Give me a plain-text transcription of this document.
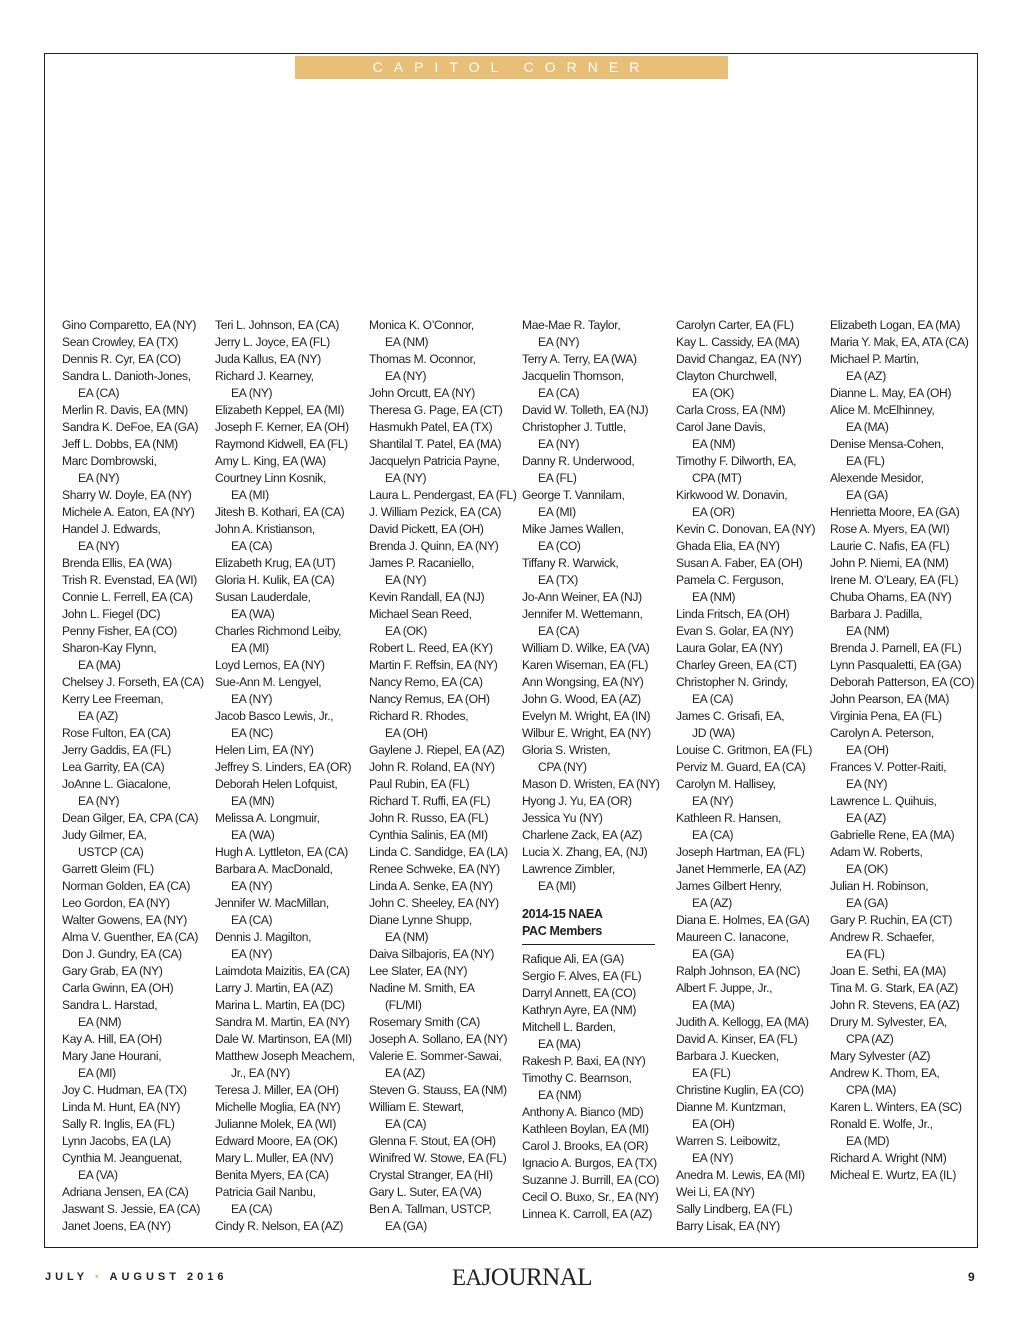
CAPITOL CORNER
Gino Comparetto, EA (NY)
Sean Crowley, EA (TX)
Dennis R. Cyr, EA (CO)
Sandra L. Danioth-Jones,
EA (CA)
Merlin R. Davis, EA (MN)
Sandra K. DeFoe, EA (GA)
Jeff L. Dobbs, EA (NM)
Marc Dombrowski,
EA (NY)
Sharry W. Doyle, EA (NY)
Michele A. Eaton, EA (NY)
Handel J. Edwards,
EA (NY)
Brenda Ellis, EA (WA)
Trish R. Evenstad, EA (WI)
Connie L. Ferrell, EA (CA)
John L. Fiegel (DC)
Penny Fisher, EA (CO)
Sharon-Kay Flynn,
EA (MA)
Chelsey J. Forseth, EA (CA)
Kerry Lee Freeman,
EA (AZ)
Rose Fulton, EA (CA)
Jerry Gaddis, EA (FL)
Lea Garrity, EA (CA)
JoAnne L. Giacalone,
EA (NY)
Dean Gilger, EA, CPA (CA)
Judy Gilmer, EA,
USTCP (CA)
Garrett Gleim (FL)
Norman Golden, EA (CA)
Leo Gordon, EA (NY)
Walter Gowens, EA (NY)
Alma V. Guenther, EA (CA)
Don J. Gundry, EA (CA)
Gary Grab, EA (NY)
Carla Gwinn, EA (OH)
Sandra L. Harstad,
EA (NM)
Kay A. Hill, EA (OH)
Mary Jane Hourani,
EA (MI)
Joy C. Hudman, EA (TX)
Linda M. Hunt, EA (NY)
Sally R. Inglis, EA (FL)
Lynn Jacobs, EA (LA)
Cynthia M. Jeanguenat,
EA (VA)
Adriana Jensen, EA (CA)
Jaswant S. Jessie, EA (CA)
Janet Joens, EA (NY)
Teri L. Johnson, EA (CA)
Jerry L. Joyce, EA (FL)
Juda Kallus, EA (NY)
Richard J. Kearney,
EA (NY)
Elizabeth Keppel, EA (MI)
Joseph F. Kerner, EA (OH)
Raymond Kidwell, EA (FL)
Amy L. King, EA (WA)
Courtney Linn Kosnik,
EA (MI)
Jitesh B. Kothari, EA (CA)
John A. Kristianson,
EA (CA)
Elizabeth Krug, EA (UT)
Gloria H. Kulik, EA (CA)
Susan Lauderdale,
EA (WA)
Charles Richmond Leiby,
EA (MI)
Loyd Lemos, EA (NY)
Sue-Ann M. Lengyel,
EA (NY)
Jacob Basco Lewis, Jr.,
EA (NC)
Helen Lim, EA (NY)
Jeffrey S. Linders, EA (OR)
Deborah Helen Lofquist,
EA (MN)
Melissa A. Longmuir,
EA (WA)
Hugh A. Lyttleton, EA (CA)
Barbara A. MacDonald,
EA (NY)
Jennifer W. MacMillan,
EA (CA)
Dennis J. Magilton,
EA (NY)
Laimdota Maizitis, EA (CA)
Larry J. Martin, EA (AZ)
Marina L. Martin, EA (DC)
Sandra M. Martin, EA (NY)
Dale W. Martinson, EA (MI)
Matthew Joseph Meachem,
Jr., EA (NY)
Teresa J. Miller, EA (OH)
Michelle Moglia, EA (NY)
Julianne Molek, EA (WI)
Edward Moore, EA (OK)
Mary L. Muller, EA (NV)
Benita Myers, EA (CA)
Patricia Gail Nanbu,
EA (CA)
Cindy R. Nelson, EA (AZ)
Monica K. O’Connor,
EA (NM)
Thomas M. Oconnor,
EA (NY)
John Orcutt, EA (NY)
Theresa G. Page, EA (CT)
Hasmukh Patel, EA (TX)
Shantilal T. Patel, EA (MA)
Jacquelyn Patricia Payne,
EA (NY)
Laura L. Pendergast, EA (FL)
J. William Pezick, EA (CA)
David Pickett, EA (OH)
Brenda J. Quinn, EA (NY)
James P. Racaniello,
EA (NY)
Kevin Randall, EA (NJ)
Michael Sean Reed,
EA (OK)
Robert L. Reed, EA (KY)
Martin F. Reffsin, EA (NY)
Nancy Remo, EA (CA)
Nancy Remus, EA (OH)
Richard R. Rhodes,
EA (OH)
Gaylene J. Riepel, EA (AZ)
John R. Roland, EA (NY)
Paul Rubin, EA (FL)
Richard T. Ruffi, EA (FL)
John R. Russo, EA (FL)
Cynthia Salinis, EA (MI)
Linda C. Sandidge, EA (LA)
Renee Schweke, EA (NY)
Linda A. Senke, EA (NY)
John C. Sheeley, EA (NY)
Diane Lynne Shupp,
EA (NM)
Daiva Silbajoris, EA (NY)
Lee Slater, EA (NY)
Nadine M. Smith, EA
(FL/MI)
Rosemary Smith (CA)
Joseph A. Sollano, EA (NY)
Valerie E. Sommer-Sawai,
EA (AZ)
Steven G. Stauss, EA (NM)
William E. Stewart,
EA (CA)
Glenna F. Stout, EA (OH)
Winifred W. Stowe, EA (FL)
Crystal Stranger, EA (HI)
Gary L. Suter, EA (VA)
Ben A. Tallman, USTCP,
EA (GA)
Mae-Mae R. Taylor,
EA (NY)
Terry A. Terry, EA (WA)
Jacquelin Thomson,
EA (CA)
David W. Tolleth, EA (NJ)
Christopher J. Tuttle,
EA (NY)
Danny R. Underwood,
EA (FL)
George T. Vannilam,
EA (MI)
Mike James Wallen,
EA (CO)
Tiffany R. Warwick,
EA (TX)
Jo-Ann Weiner, EA (NJ)
Jennifer M. Wettemann,
EA (CA)
William D. Wilke, EA (VA)
Karen Wiseman, EA (FL)
Ann Wongsing, EA (NY)
John G. Wood, EA (AZ)
Evelyn M. Wright, EA (IN)
Wilbur E. Wright, EA (NY)
Gloria S. Wristen,
CPA (NY)
Mason D. Wristen, EA (NY)
Hyong J. Yu, EA (OR)
Jessica Yu (NY)
Charlene Zack, EA (AZ)
Lucia X. Zhang, EA, (NJ)
Lawrence Zimbler,
EA (MI)
2014-15 NAEA
PAC Members
Rafique Ali, EA (GA)
Sergio F. Alves, EA (FL)
Darryl Annett, EA (CO)
Kathryn Ayre, EA (NM)
Mitchell L. Barden,
EA (MA)
Rakesh P. Baxi, EA (NY)
Timothy C. Bearnson,
EA (NM)
Anthony A. Bianco (MD)
Kathleen Boylan, EA (MI)
Carol J. Brooks, EA (OR)
Ignacio A. Burgos, EA (TX)
Suzanne J. Burrill, EA (CO)
Cecil O. Buxo, Sr., EA (NY)
Linnea K. Carroll, EA (AZ)
Carolyn Carter, EA (FL)
Kay L. Cassidy, EA (MA)
David Changaz, EA (NY)
Clayton Churchwell,
EA (OK)
Carla Cross, EA (NM)
Carol Jane Davis,
EA (NM)
Timothy F. Dilworth, EA,
CPA (MT)
Kirkwood W. Donavin,
EA (OR)
Kevin C. Donovan, EA (NY)
Ghada Elia, EA (NY)
Susan A. Faber, EA (OH)
Pamela C. Ferguson,
EA (NM)
Linda Fritsch, EA (OH)
Evan S. Golar, EA (NY)
Laura Golar, EA (NY)
Charley Green, EA (CT)
Christopher N. Grindy,
EA (CA)
James C. Grisafi, EA,
JD (WA)
Louise C. Gritmon, EA (FL)
Perviz M. Guard, EA (CA)
Carolyn M. Hallisey,
EA (NY)
Kathleen R. Hansen,
EA (CA)
Joseph Hartman, EA (FL)
Janet Hemmerle, EA (AZ)
James Gilbert Henry,
EA (AZ)
Diana E. Holmes, EA (GA)
Maureen C. Ianacone,
EA (GA)
Ralph Johnson, EA (NC)
Albert F. Juppe, Jr.,
EA (MA)
Judith A. Kellogg, EA (MA)
David A. Kinser, EA (FL)
Barbara J. Kuecken,
EA (FL)
Christine Kuglin, EA (CO)
Dianne M. Kuntzman,
EA (OH)
Warren S. Leibowitz,
EA (NY)
Anedra M. Lewis, EA (MI)
Wei Li, EA (NY)
Sally Lindberg, EA (FL)
Barry Lisak, EA (NY)
Elizabeth Logan, EA (MA)
Maria Y. Mak, EA, ATA (CA)
Michael P. Martin,
EA (AZ)
Dianne L. May, EA (OH)
Alice M. McElhinney,
EA (MA)
Denise Mensa-Cohen,
EA (FL)
Alexende Mesidor,
EA (GA)
Henrietta Moore, EA (GA)
Rose A. Myers, EA (WI)
Laurie C. Nafis, EA (FL)
John P. Niemi, EA (NM)
Irene M. O’Leary, EA (FL)
Chuba Ohams, EA (NY)
Barbara J. Padilla,
EA (NM)
Brenda J. Parnell, EA (FL)
Lynn Pasqualetti, EA (GA)
Deborah Patterson, EA (CO)
John Pearson, EA (MA)
Virginia Pena, EA (FL)
Carolyn A. Peterson,
EA (OH)
Frances V. Potter-Raiti,
EA (NY)
Lawrence L. Quihuis,
EA (AZ)
Gabrielle Rene, EA (MA)
Adam W. Roberts,
EA (OK)
Julian H. Robinson,
EA (GA)
Gary P. Ruchin, EA (CT)
Andrew R. Schaefer,
EA (FL)
Joan E. Sethi, EA (MA)
Tina M. G. Stark, EA (AZ)
John R. Stevens, EA (AZ)
Drury M. Sylvester, EA,
CPA (AZ)
Mary Sylvester (AZ)
Andrew K. Thom, EA,
CPA (MA)
Karen L. Winters, EA (SC)
Ronald E. Wolfe, Jr.,
EA (MD)
Richard A. Wright (NM)
Micheal E. Wurtz, EA (IL)
JULY • AUGUST 2016	EAJOURNAL	9
